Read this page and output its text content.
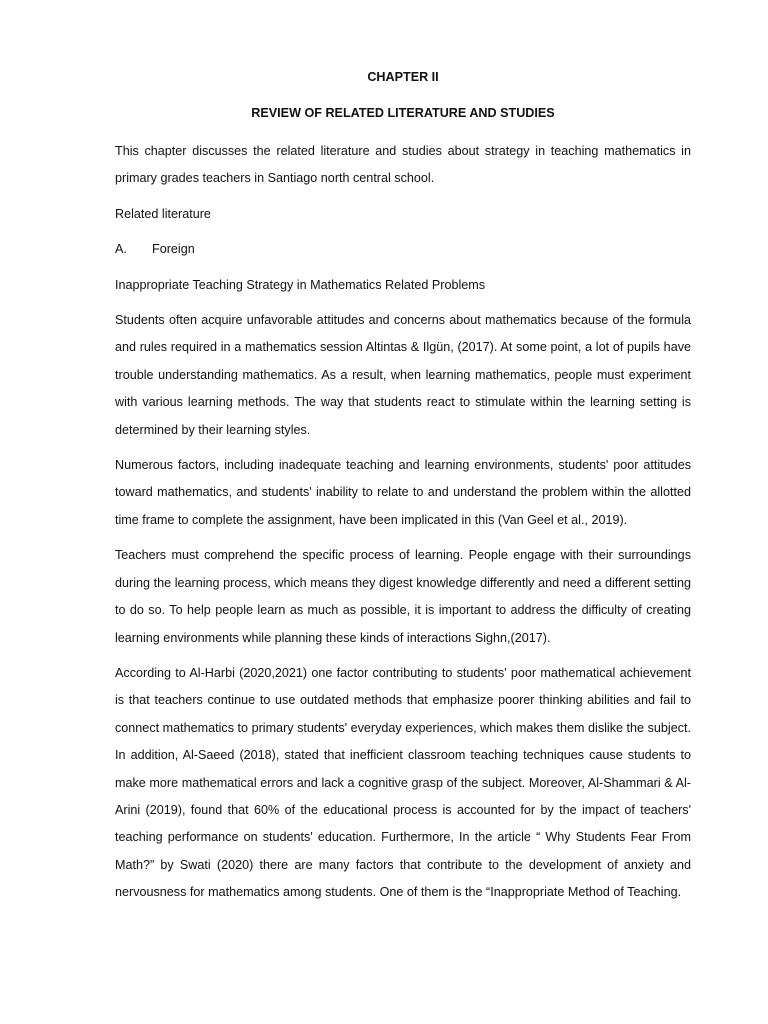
CHAPTER II

REVIEW OF RELATED LITERATURE AND STUDIES

This chapter discusses the related literature and studies about strategy in teaching mathematics in primary grades teachers in Santiago north central school.

Related literature

A.	Foreign

Inappropriate Teaching Strategy in Mathematics Related Problems

Students often acquire unfavorable attitudes and concerns about mathematics because of the formula and rules required in a mathematics session Altintas & Ilgün, (2017). At some point, a lot of pupils have trouble understanding mathematics. As a result, when learning mathematics, people must experiment with various learning methods. The way that students react to stimulate within the learning setting is determined by their learning styles.

Numerous factors, including inadequate teaching and learning environments, students' poor attitudes toward mathematics, and students' inability to relate to and understand the problem within the allotted time frame to complete the assignment, have been implicated in this (Van Geel et al., 2019).

Teachers must comprehend the specific process of learning. People engage with their surroundings during the learning process, which means they digest knowledge differently and need a different setting to do so. To help people learn as much as possible, it is important to address the difficulty of creating learning environments while planning these kinds of interactions Sighn,(2017).

According to Al-Harbi (2020,2021) one factor contributing to students' poor mathematical achievement is that teachers continue to use outdated methods that emphasize poorer thinking abilities and fail to connect mathematics to primary students' everyday experiences, which makes them dislike the subject. In addition, Al-Saeed (2018), stated that inefficient classroom teaching techniques cause students to make more mathematical errors and lack a cognitive grasp of the subject. Moreover, Al-Shammari & Al-Arini (2019), found that 60% of the educational process is accounted for by the impact of teachers' teaching performance on students' education. Furthermore, In the article “ Why Students Fear From Math?” by Swati (2020) there are many factors that contribute to the development of anxiety and nervousness for mathematics among students. One of them is the “Inappropriate Method of Teaching.
